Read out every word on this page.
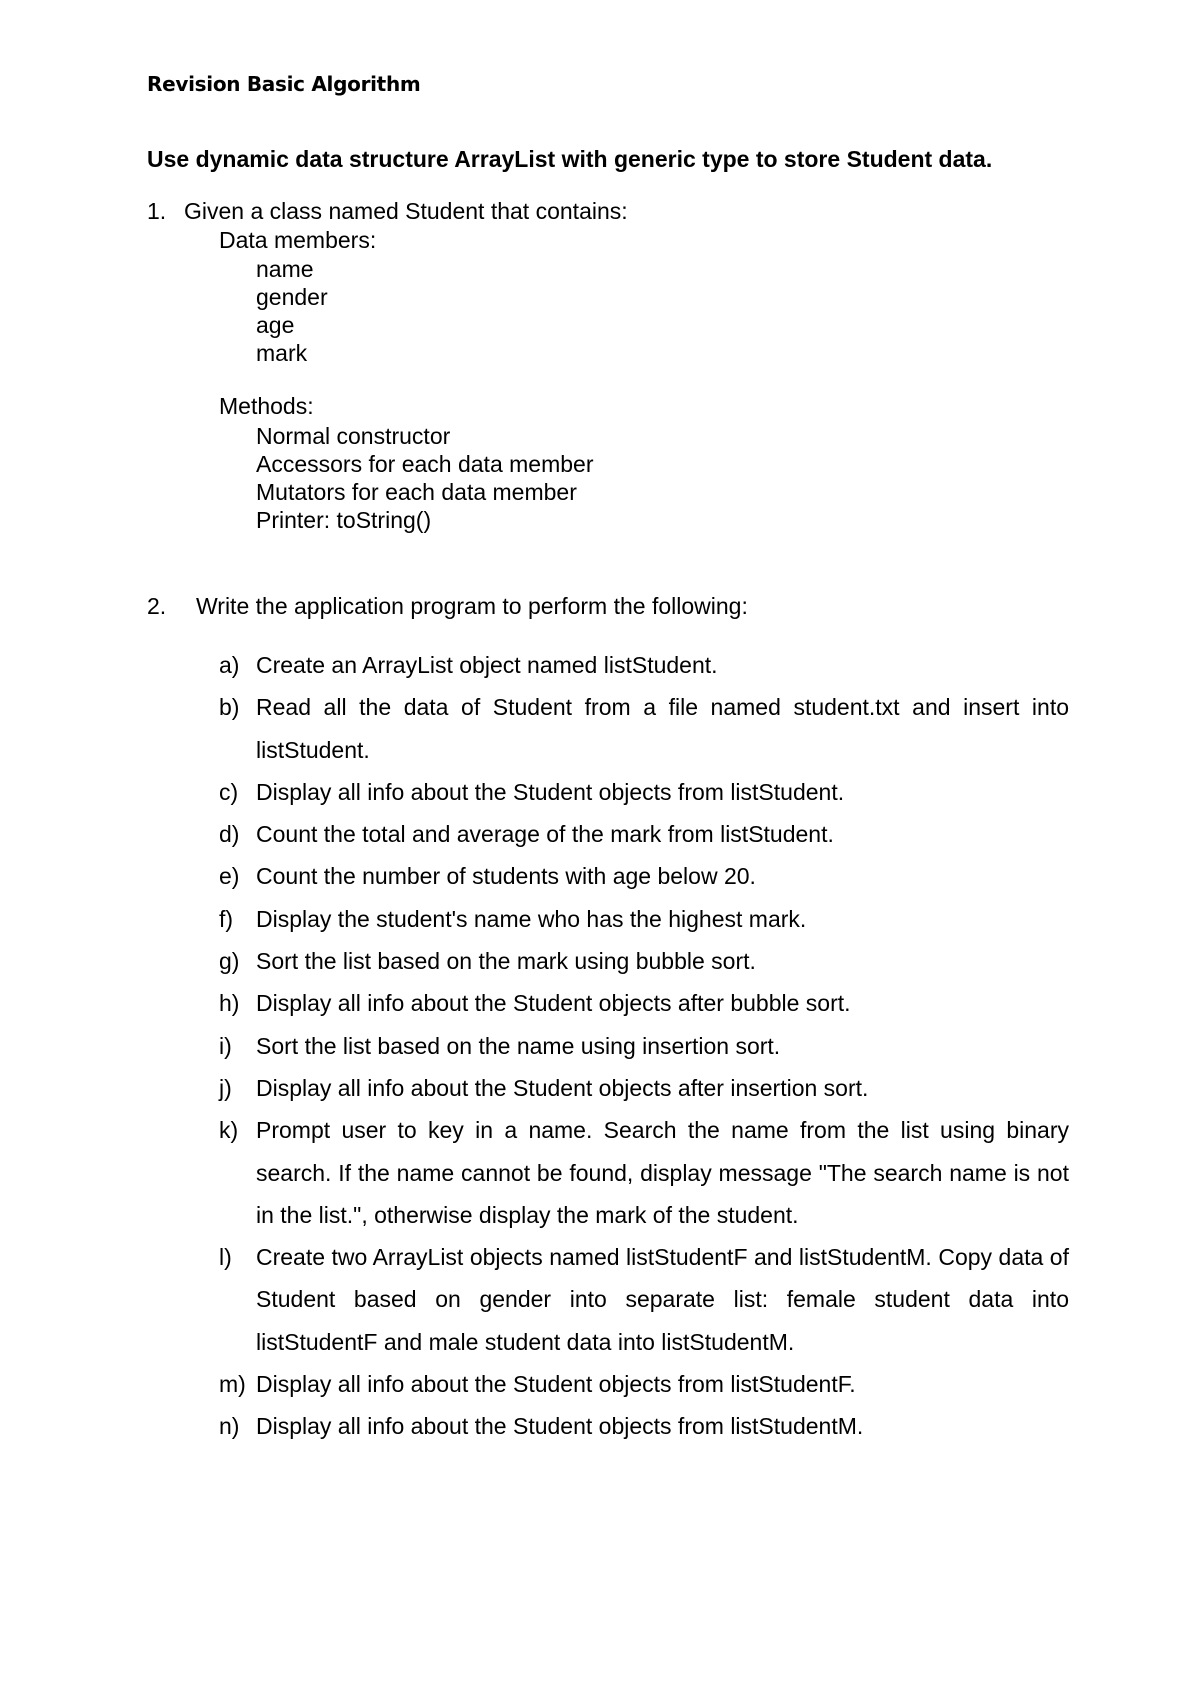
Revision Basic Algorithm
Use dynamic data structure ArrayList with generic type to store Student data.
1. Given a class named Student that contains:
Data members:
name
gender
age
mark
Methods:
Normal constructor
Accessors for each data member
Mutators for each data member
Printer: toString()
2. Write the application program to perform the following:
a) Create an ArrayList object named listStudent.
b) Read all the data of Student from a file named student.txt and insert into listStudent.
c) Display all info about the Student objects from listStudent.
d) Count the total and average of the mark from listStudent.
e) Count the number of students with age below 20.
f) Display the student's name who has the highest mark.
g) Sort the list based on the mark using bubble sort.
h) Display all info about the Student objects after bubble sort.
i)	Sort the list based on the name using insertion sort.
j)	Display all info about the Student objects after insertion sort.
k) Prompt user to key in a name. Search the name from the list using binary search. If the name cannot be found, display message "The search name is not in the list.", otherwise display the mark of the student.
l)	Create two ArrayList objects named listStudentF and listStudentM. Copy data of Student based on gender into separate list: female student data into listStudentF and male student data into listStudentM.
m) Display all info about the Student objects from listStudentF.
n) Display all info about the Student objects from listStudentM.
